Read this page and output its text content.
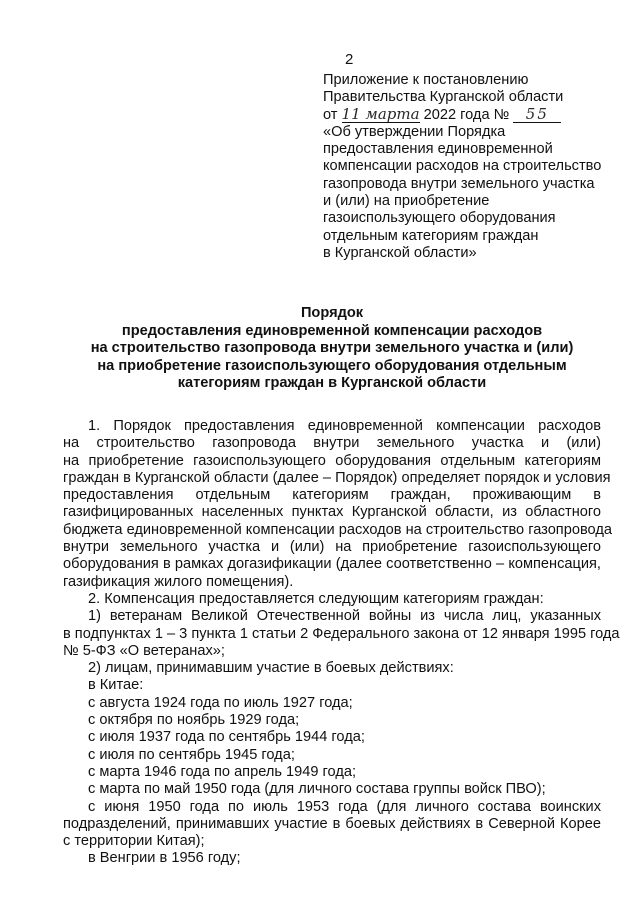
2
Приложение к постановлению
Правительства Курганской области
от 11 марта 2022 года № 55
«Об утверждении Порядка
предоставления единовременной
компенсации расходов на строительство
газопровода внутри земельного участка
и (или) на приобретение
газоиспользующего оборудования
отдельным категориям граждан
в Курганской области»
Порядок
предоставления единовременной компенсации расходов
на строительство газопровода внутри земельного участка и (или)
на приобретение газоиспользующего оборудования отдельным
категориям граждан в Курганской области
1. Порядок предоставления единовременной компенсации расходов
на строительство газопровода внутри земельного участка и (или)
на приобретение газоиспользующего оборудования отдельным категориям
граждан в Курганской области (далее – Порядок) определяет порядок и условия
предоставления отдельным категориям граждан, проживающим в
газифицированных населенных пунктах Курганской области, из областного
бюджета единовременной компенсации расходов на строительство газопровода
внутри земельного участка и (или) на приобретение газоиспользующего
оборудования в рамках догазификации (далее соответственно – компенсация,
газификация жилого помещения).
2. Компенсация предоставляется следующим категориям граждан:
1) ветеранам Великой Отечественной войны из числа лиц, указанных
в подпунктах 1 – 3 пункта 1 статьи 2 Федерального закона от 12 января 1995 года
№ 5-ФЗ «О ветеранах»;
2) лицам, принимавшим участие в боевых действиях:
в Китае:
с августа 1924 года по июль 1927 года;
с октября по ноябрь 1929 года;
с июля 1937 года по сентябрь 1944 года;
с июля по сентябрь 1945 года;
с марта 1946 года по апрель 1949 года;
с марта по май 1950 года (для личного состава группы войск ПВО);
с июня 1950 года по июль 1953 года (для личного состава воинских
подразделений, принимавших участие в боевых действиях в Северной Корее
с территории Китая);
в Венгрии в 1956 году;
